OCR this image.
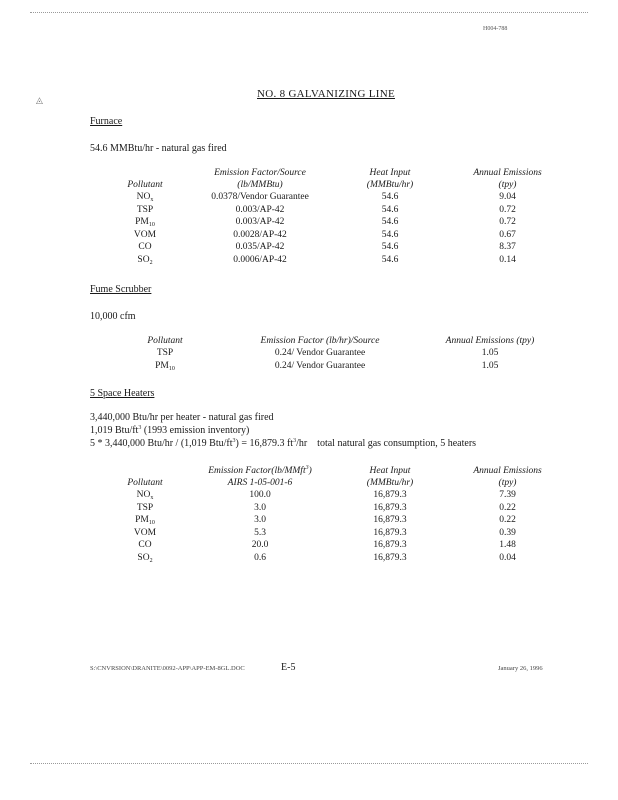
H004-788
◬
NO. 8 GALVANIZING LINE
Furnace
54.6 MMBtu/hr - natural gas fired
	Emission Factor/Source	Heat Input	Annual Emissions
Pollutant	(lb/MMBtu)	(MMBtu/hr)	(tpy)
$NO_x$	0.0378/Vendor Guarantee	54.6	9.04
TSP	0.003/AP-42	54.6	0.72
$PM_{10}$	0.003/AP-42	54.6	0.72
VOM	0.0028/AP-42	54.6	0.67
CO	0.035/AP-42	54.6	8.37
$SO_2$	0.0006/AP-42	54.6	0.14
Fume Scrubber
10,000 cfm
Pollutant	Emission Factor (lb/hr)/Source	Annual Emissions (tpy)
TSP	0.24/ Vendor Guarantee	1.05
$PM_{10}$	0.24/ Vendor Guarantee	1.05
5 Space Heaters
3,440,000 Btu/hr per heater - natural gas fired
1,019 Btu/$ft^3$ (1993 emission inventory)
5 * 3,440,000 Btu/hr / (1,019 Btu/$ft^3) = 16,879.3$ $ft^3/hr$    total natural gas consumption, 5 heaters
	Emission Factor(lb/MMft$^3$)	Heat Input	Annual Emissions
Pollutant	AIRS 1-05-001-6	(MMBtu/hr)	(tpy)
$NO_x$	100.0	16,879.3	7.39
TSP	3.0	16,879.3	0.22
$PM_{10}$	3.0	16,879.3	0.22
VOM	5.3	16,879.3	0.39
CO	20.0	16,879.3	1.48
$SO_2$	0.6	16,879.3	0.04
S:\CNVRSION\DRANITE\0092-APP\APP-EM-8GL.DOC	E-5	January 26, 1996
